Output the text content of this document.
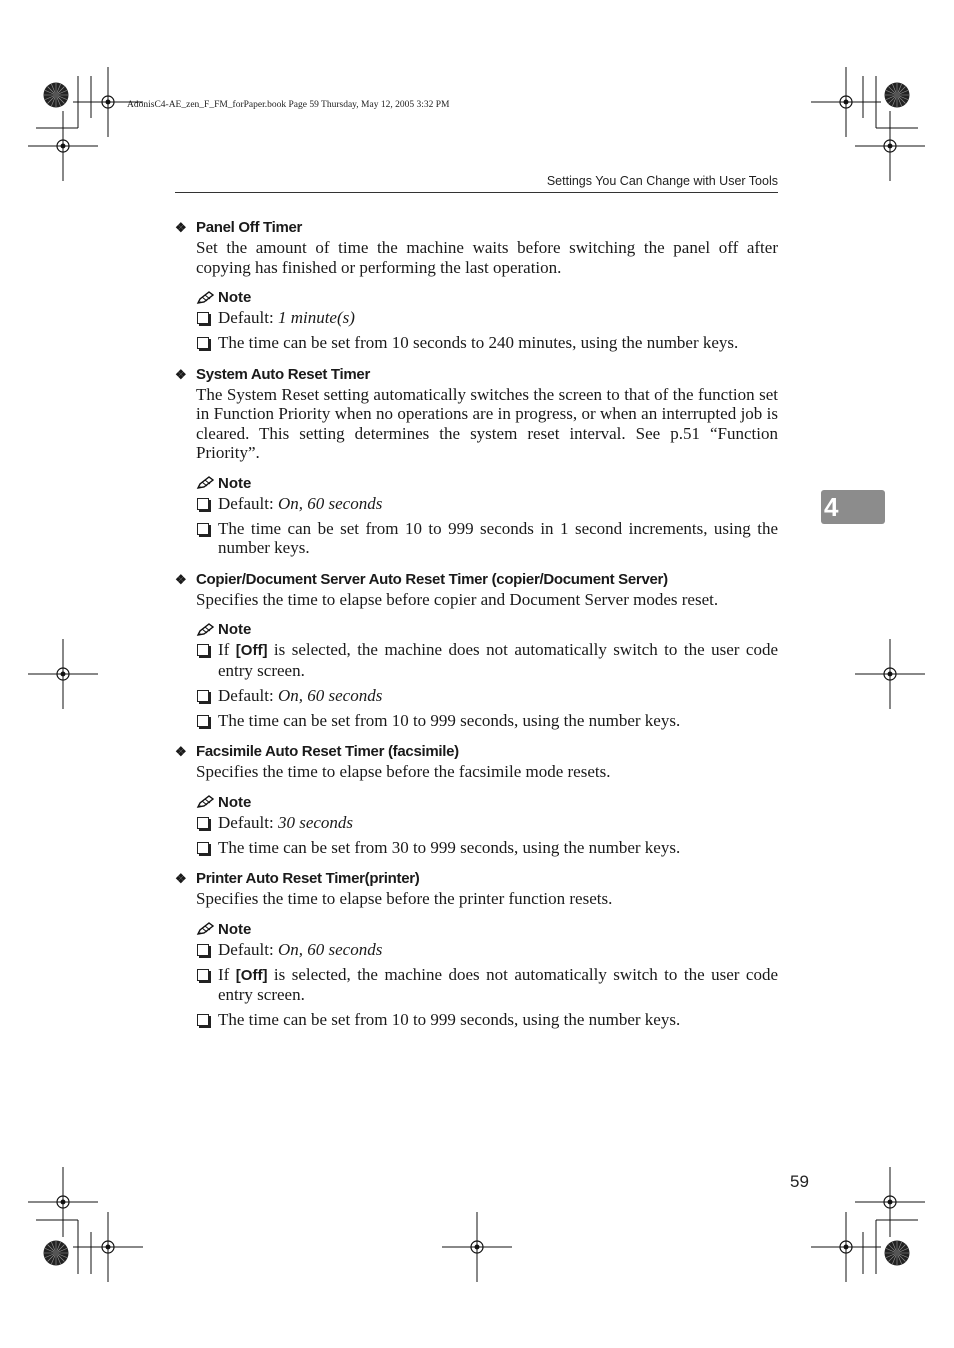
AdonisC4-AE_zen_F_FM_forPaper.book Page 59 Thursday, May 12, 2005 3:32 PM
Settings You Can Change with User Tools
4
❖ Panel Off Timer
Set the amount of time the machine waits before switching the panel off after copying has finished or performing the last operation.
Note
Default: 1 minute(s)
The time can be set from 10 seconds to 240 minutes, using the number keys.
❖ System Auto Reset Timer
The System Reset setting automatically switches the screen to that of the function set in Function Priority when no operations are in progress, or when an interrupted job is cleared. This setting determines the system reset interval. See p.51 “Function Priority”.
Note
Default: On, 60 seconds
The time can be set from 10 to 999 seconds in 1 second increments, using the number keys.
❖ Copier/Document Server Auto Reset Timer (copier/Document Server)
Specifies the time to elapse before copier and Document Server modes reset.
Note
If [Off] is selected, the machine does not automatically switch to the user code entry screen.
Default: On, 60 seconds
The time can be set from 10 to 999 seconds, using the number keys.
❖ Facsimile Auto Reset Timer (facsimile)
Specifies the time to elapse before the facsimile mode resets.
Note
Default: 30 seconds
The time can be set from 30 to 999 seconds, using the number keys.
❖ Printer Auto Reset Timer(printer)
Specifies the time to elapse before the printer function resets.
Note
Default: On, 60 seconds
If [Off] is selected, the machine does not automatically switch to the user code entry screen.
The time can be set from 10 to 999 seconds, using the number keys.
59
